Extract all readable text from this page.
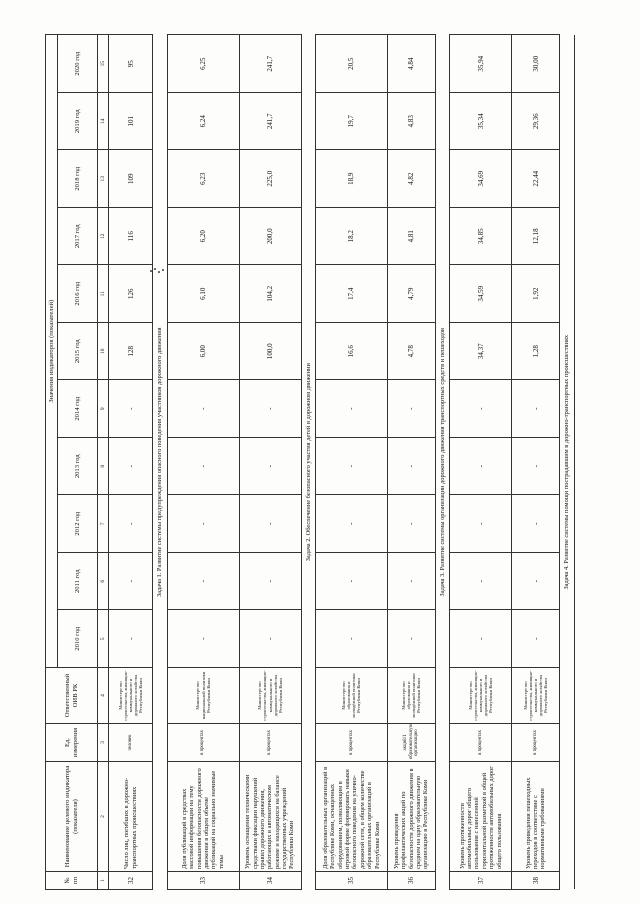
№ пп	Наименование целевого индикатора (показателя)	Ед. измерения	Ответственный ОИВ РК	Значения индикаторов (показателей)										
				2010 год	2011 год	2012 год	2013 год	2014 год	2015 год	2016 год	2017 год	2018 год	2019 год	2020 год
1	2	3	4	5	6	7	8	9	10	11	12	13	14	15
32	Число лиц, погибших в дорожно-транспортных происшествиях	человек	Министерство строительства, жилищно-коммунального и дорожного хозяйства Республики Коми	-	-	-	-	-	128	126	116	109	101	95
Задача 1. Развитие системы предупреждения опасного поведения участников дорожного движения														
33	Доля публикаций в средствах массовой информации на тему повышения безопасности дорожного движения в общем объеме публикаций на социально значимые темы	в процентах	Министерство национальной политики Республики Коми	-	-	-	-	-	6,00	6,10	6,20	6,23	6,24	6,25
34	Уровень оснащения техническими средствами фиксации нарушений правил дорожного движения, работающих в автоматическом режиме и находящихся на балансе государственных учреждений Республики Коми	в процентах	Министерство строительства, жилищно-коммунального и дорожного хозяйства Республики Коми	-	-	-	-	-	100,0	104,2	200,0	225,0	241,7	241,7
Задача 2. Обеспечение безопасного участия детей в дорожном движении														
35	Доля образовательных организаций в Республике Коми, оснащенных оборудованием, позволяющим в игровой форме формировать навыки безопасного поведения на улично-дорожной сети, в общем количестве образовательных организаций в Республике Коми	в процентах	Министерство образования и молодёжной политики Республики Коми	-	-	-	-	-	16,6	17,4	18,2	18,9	19,7	20,5
36	Уровень проведения профилактических акций по безопасности дорожного движения в среднем на одну образовательную организацию в Республике Коми	акций/1 образовательную организацию	Министерство образования и молодёжной политики Республики Коми	-	-	-	-	-	4,78	4,79	4,81	4,82	4,83	4,84
Задача 3. Развитие системы организации дорожного движения транспортных средств и пешеходов														
37	Уровень протяженности автомобильных дорог общего пользования с нанесенной горизонтальной разметкой в общей протяженности автомобильных дорог общего пользования	в процентах	Министерство строительства, жилищно-коммунального и дорожного хозяйства Республики Коми	-	-	-	-	-	34,37	34,59	34,85	34,69	35,34	35,94
38	Уровень приведения пешеходных переходов в соответствие с нормативными требованиями	в процентах	Министерство строительства, жилищно-коммунального и дорожного хозяйства Республики Коми	-	-	-	-	-	1,28	1,92	12,18	22,44	29,36	30,00
Задача 4. Развитие системы помощи пострадавшим в дорожно-транспортных происшествиях														
